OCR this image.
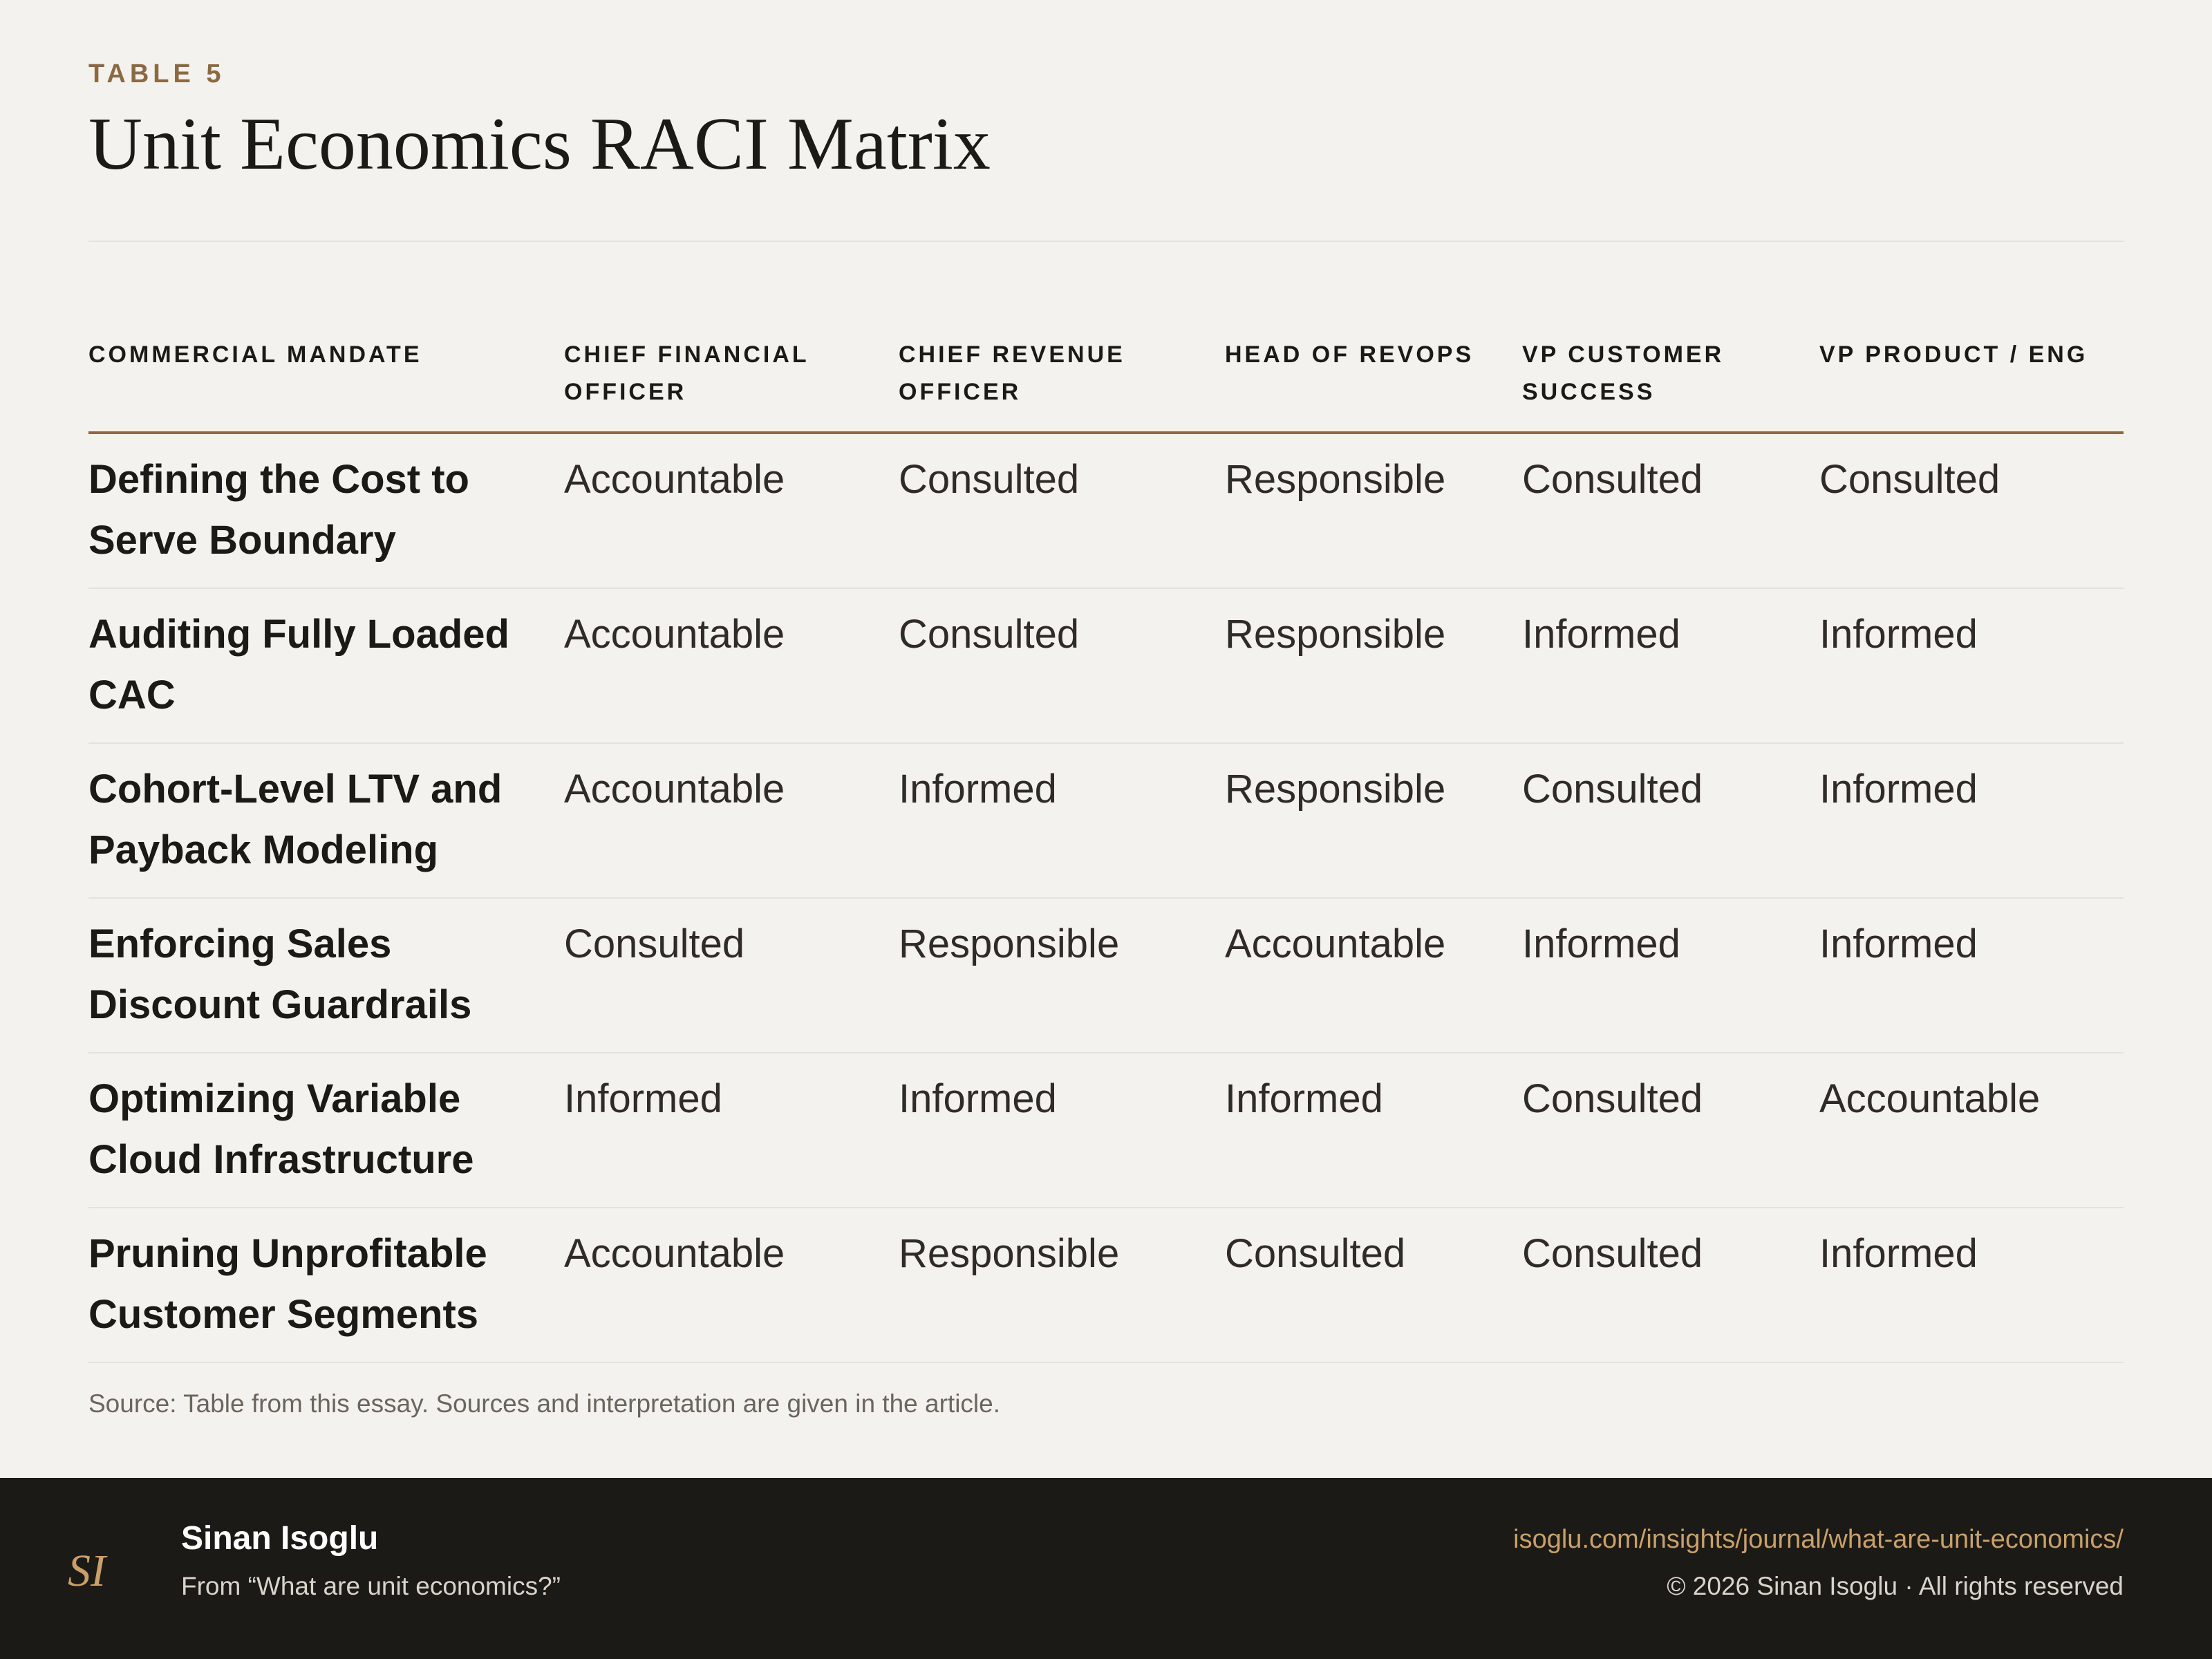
TABLE 5
Unit Economics RACI Matrix
COMMERCIAL MANDATE	CHIEF FINANCIAL OFFICER	CHIEF REVENUE OFFICER	HEAD OF REVOPS	VP CUSTOMER SUCCESS	VP PRODUCT / ENG
Defining the Cost to Serve Boundary	Accountable	Consulted	Responsible	Consulted	Consulted
Auditing Fully Loaded CAC	Accountable	Consulted	Responsible	Informed	Informed
Cohort-Level LTV and Payback Modeling	Accountable	Informed	Responsible	Consulted	Informed
Enforcing Sales Discount Guardrails	Consulted	Responsible	Accountable	Informed	Informed
Optimizing Variable Cloud Infrastructure	Informed	Informed	Informed	Consulted	Accountable
Pruning Unprofitable Customer Segments	Accountable	Responsible	Consulted	Consulted	Informed
Source: Table from this essay. Sources and interpretation are given in the article.
SI
Sinan Isoglu
From “What are unit economics?”
isoglu.com/insights/journal/what-are-unit-economics/
© 2026 Sinan Isoglu · All rights reserved
